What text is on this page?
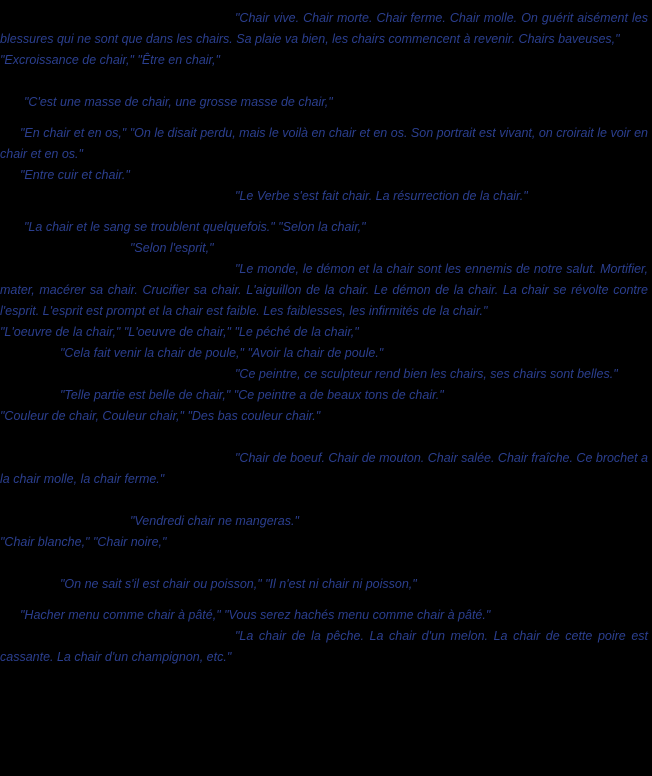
"Chair vive. Chair morte. Chair ferme. Chair molle. On guérit aisément les blessures qui ne sont que dans les chairs. Sa plaie va bien, les chairs commencent à revenir. Chairs baveuses,"
"Excroissance de chair," "Être en chair,"
"C'est une masse de chair, une grosse masse de chair,"
"En chair et en os," "On le disait perdu, mais le voilà en chair et en os. Son portrait est vivant, on croirait le voir en chair et en os."
"Entre cuir et chair."
"Le Verbe s'est fait chair. La résurrection de la chair."
"La chair et le sang se troublent quelquefois." "Selon la chair,"
"Selon l'esprit,"
"Le monde, le démon et la chair sont les ennemis de notre salut. Mortifier, mater, macérer sa chair. Crucifier sa chair. L'aiguillon de la chair. Le démon de la chair. La chair se révolte contre l'esprit. L'esprit est prompt et la chair est faible. Les faiblesses, les infirmités de la chair."
"L'oeuvre de la chair," "L'oeuvre de chair," "Le péché de la chair,"
"Cela fait venir la chair de poule," "Avoir la chair de poule."
"Ce peintre, ce sculpteur rend bien les chairs, ses chairs sont belles."
"Telle partie est belle de chair," "Ce peintre a de beaux tons de chair."
"Couleur de chair, Couleur chair," "Des bas couleur chair."
"Chair de boeuf. Chair de mouton. Chair salée. Chair fraîche. Ce brochet a la chair molle, la chair ferme."
"Vendredi chair ne mangeras."
"Chair blanche," "Chair noire,"
"On ne sait s'il est chair ou poisson," "Il n'est ni chair ni poisson,"
"Hacher menu comme chair à pâté," "Vous serez hachés menu comme chair à pâté."
"La chair de la pêche. La chair d'un melon. La chair de cette poire est cassante. La chair d'un champignon, etc."
